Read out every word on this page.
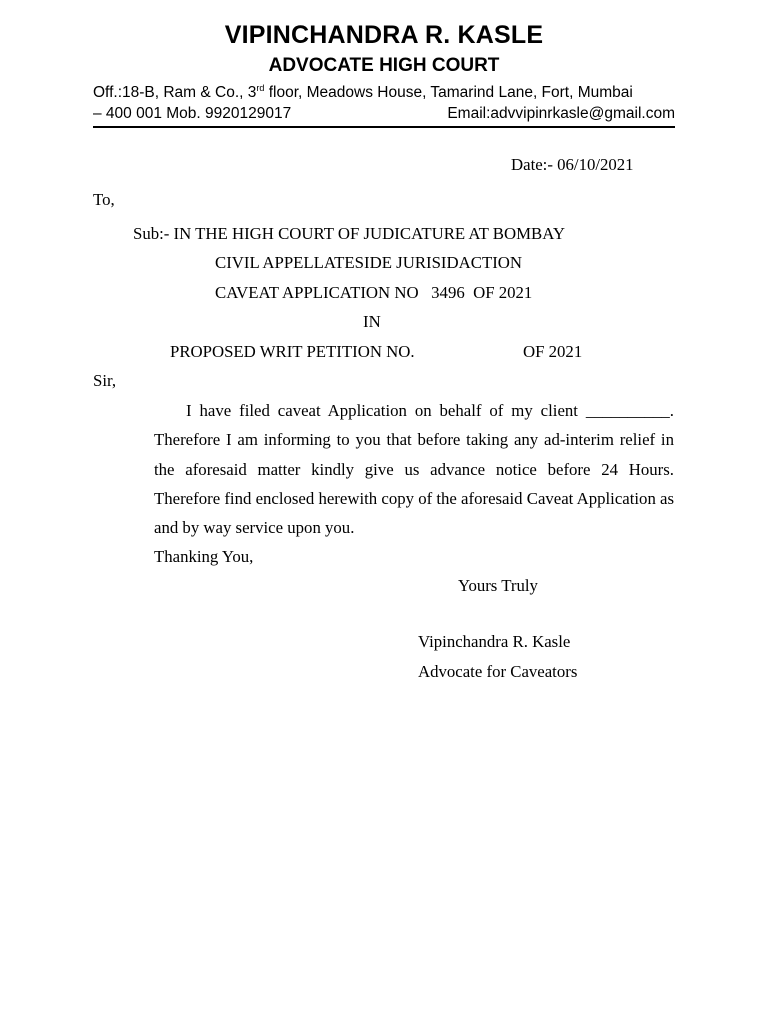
VIPINCHANDRA R. KASLE
ADVOCATE HIGH COURT
Off.:18-B, Ram & Co., 3rd floor, Meadows House, Tamarind Lane, Fort, Mumbai
– 400 001 Mob. 9920129017	Email:advvipinrkasle@gmail.com
Date:- 06/10/2021
To,
Sub:- IN THE HIGH COURT OF JUDICATURE AT BOMBAY
CIVIL APPELLATESIDE JURISIDACTION
CAVEAT APPLICATION NO   3496  OF 2021
IN
PROPOSED WRIT PETITION NO.	OF 2021
Sir,

I have filed caveat Application on behalf of my client __________. Therefore I am informing to you that before taking any ad-interim relief in the aforesaid matter kindly give us advance notice before 24 Hours. Therefore find enclosed herewith copy of the aforesaid Caveat Application as and by way service upon you.

Thanking You,
Yours Truly
Vipinchandra R. Kasle
Advocate for Caveators
